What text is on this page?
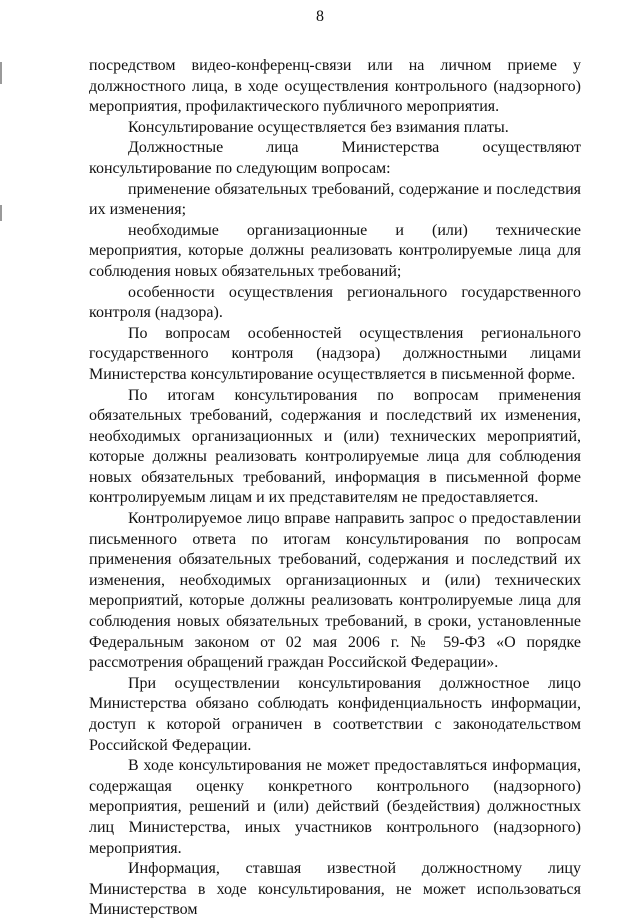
8

посредством видео-конференц-связи или на личном приеме у должностного лица, в ходе осуществления контрольного (надзорного) мероприятия, профилактического публичного мероприятия.

Консультирование осуществляется без взимания платы.

Должностные лица Министерства осуществляют консультирование по следующим вопросам:

применение обязательных требований, содержание и последствия их изменения;

необходимые организационные и (или) технические мероприятия, которые должны реализовать контролируемые лица для соблюдения новых обязательных требований;

особенности осуществления регионального государственного контроля (надзора).

По вопросам особенностей осуществления регионального государственного контроля (надзора) должностными лицами Министерства консультирование осуществляется в письменной форме.

По итогам консультирования по вопросам применения обязательных требований, содержания и последствий их изменения, необходимых организационных и (или) технических мероприятий, которые должны реализовать контролируемые лица для соблюдения новых обязательных требований, информация в письменной форме контролируемым лицам и их представителям не предоставляется.

Контролируемое лицо вправе направить запрос о предоставлении письменного ответа по итогам консультирования по вопросам применения обязательных требований, содержания и последствий их изменения, необходимых организационных и (или) технических мероприятий, которые должны реализовать контролируемые лица для соблюдения новых обязательных требований, в сроки, установленные Федеральным законом от 02 мая 2006 г. № 59-ФЗ «О порядке рассмотрения обращений граждан Российской Федерации».

При осуществлении консультирования должностное лицо Министерства обязано соблюдать конфиденциальность информации, доступ к которой ограничен в соответствии с законодательством Российской Федерации.

В ходе консультирования не может предоставляться информация, содержащая оценку конкретного контрольного (надзорного) мероприятия, решений и (или) действий (бездействия) должностных лиц Министерства, иных участников контрольного (надзорного) мероприятия.

Информация, ставшая известной должностному лицу Министерства в ходе консультирования, не может использоваться Министерством
